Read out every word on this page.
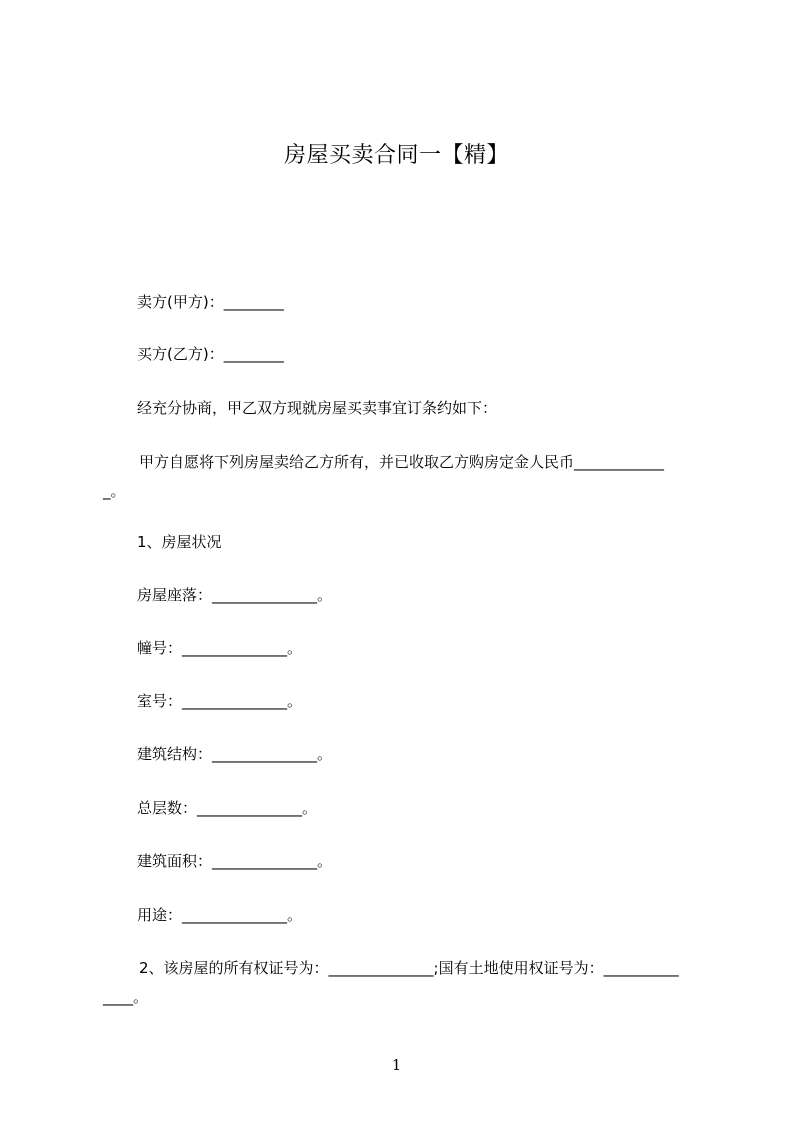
房屋买卖合同一【精】
卖方(甲方)：________
买方(乙方)：________
经充分协商，甲乙双方现就房屋买卖事宜订条约如下：
甲方自愿将下列房屋卖给乙方所有，并已收取乙方购房定金人民币____________
_。
1、房屋状况
房屋座落：______________。
幢号：______________。
室号：______________。
建筑结构：______________。
总层数：______________。
建筑面积：______________。
用途：______________。
2、该房屋的所有权证号为：______________;国有土地使用权证号为：__________
____。
1
